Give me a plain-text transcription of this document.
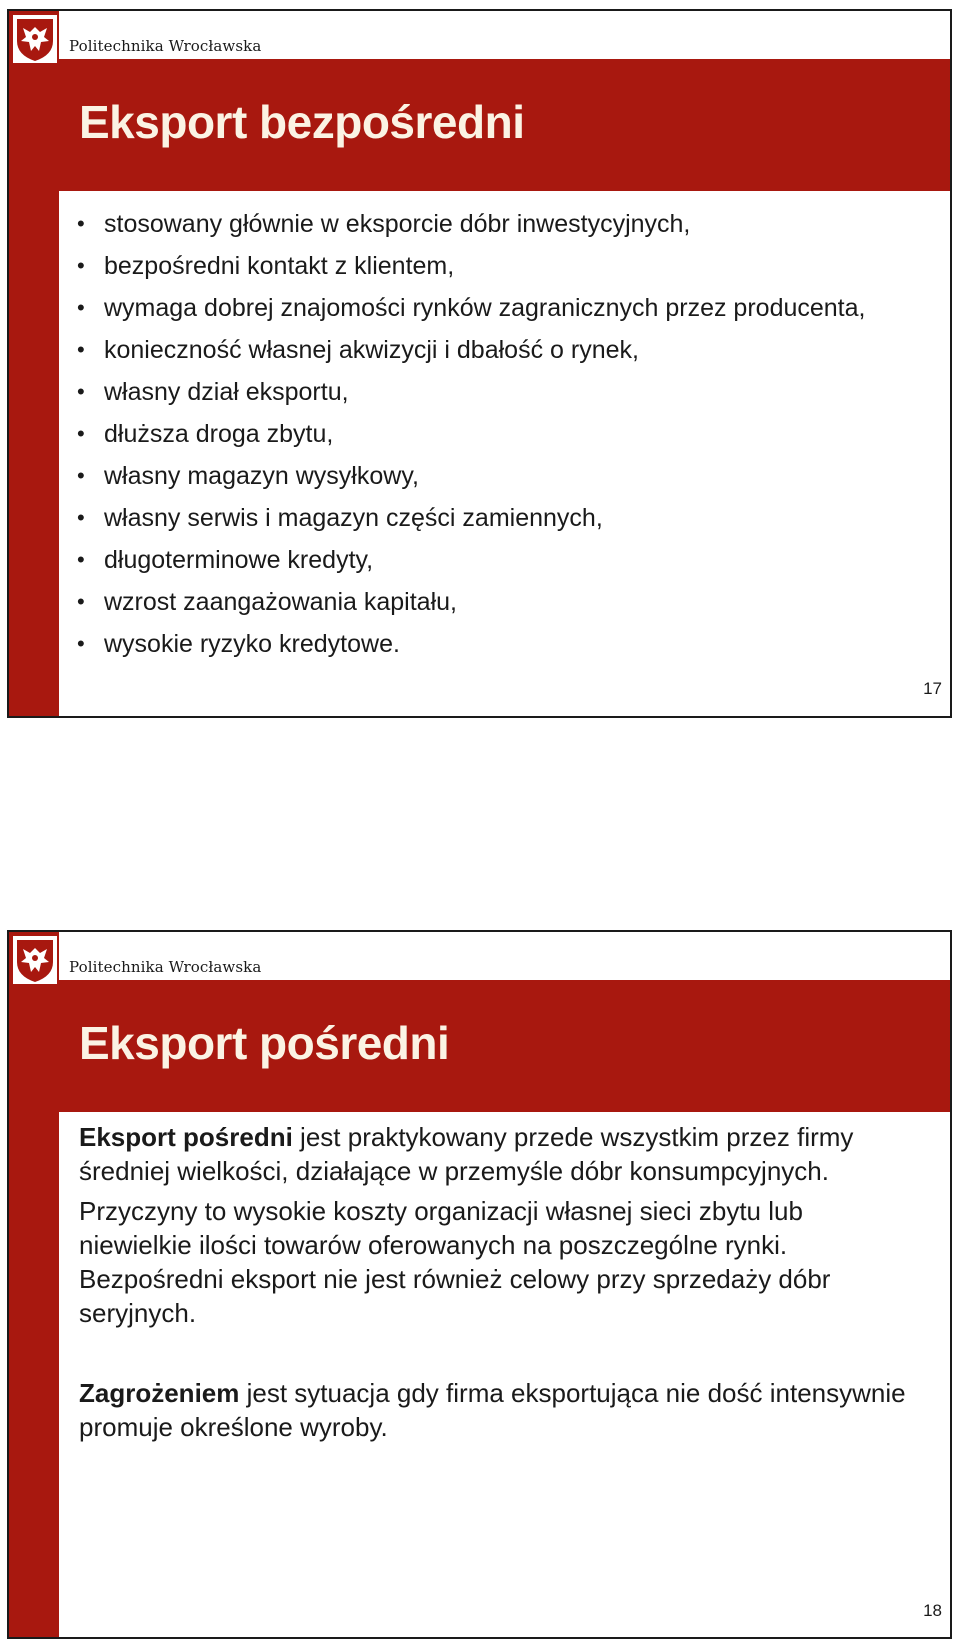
Politechnika Wrocławska
Eksport bezpośredni
• stosowany głównie w eksporcie dóbr inwestycyjnych,
• bezpośredni kontakt z klientem,
• wymaga dobrej znajomości rynków zagranicznych przez producenta,
• konieczność własnej akwizycji i dbałość o rynek,
• własny dział eksportu,
• dłuższa droga zbytu,
• własny magazyn wysyłkowy,
• własny serwis i magazyn części zamiennych,
• długoterminowe kredyty,
• wzrost zaangażowania kapitału,
• wysokie ryzyko kredytowe.
17
Politechnika Wrocławska
Eksport pośredni

Eksport pośredni jest praktykowany przede wszystkim przez firmy średniej wielkości, działające w przemyśle dóbr konsumpcyjnych.

Przyczyny to wysokie koszty organizacji własnej sieci zbytu lub niewielkie ilości towarów oferowanych na poszczególne rynki. Bezpośredni eksport nie jest również celowy przy sprzedaży dóbr seryjnych.

Zagrożeniem jest sytuacja gdy firma eksportująca nie dość intensywnie promuje określone wyroby.

18
